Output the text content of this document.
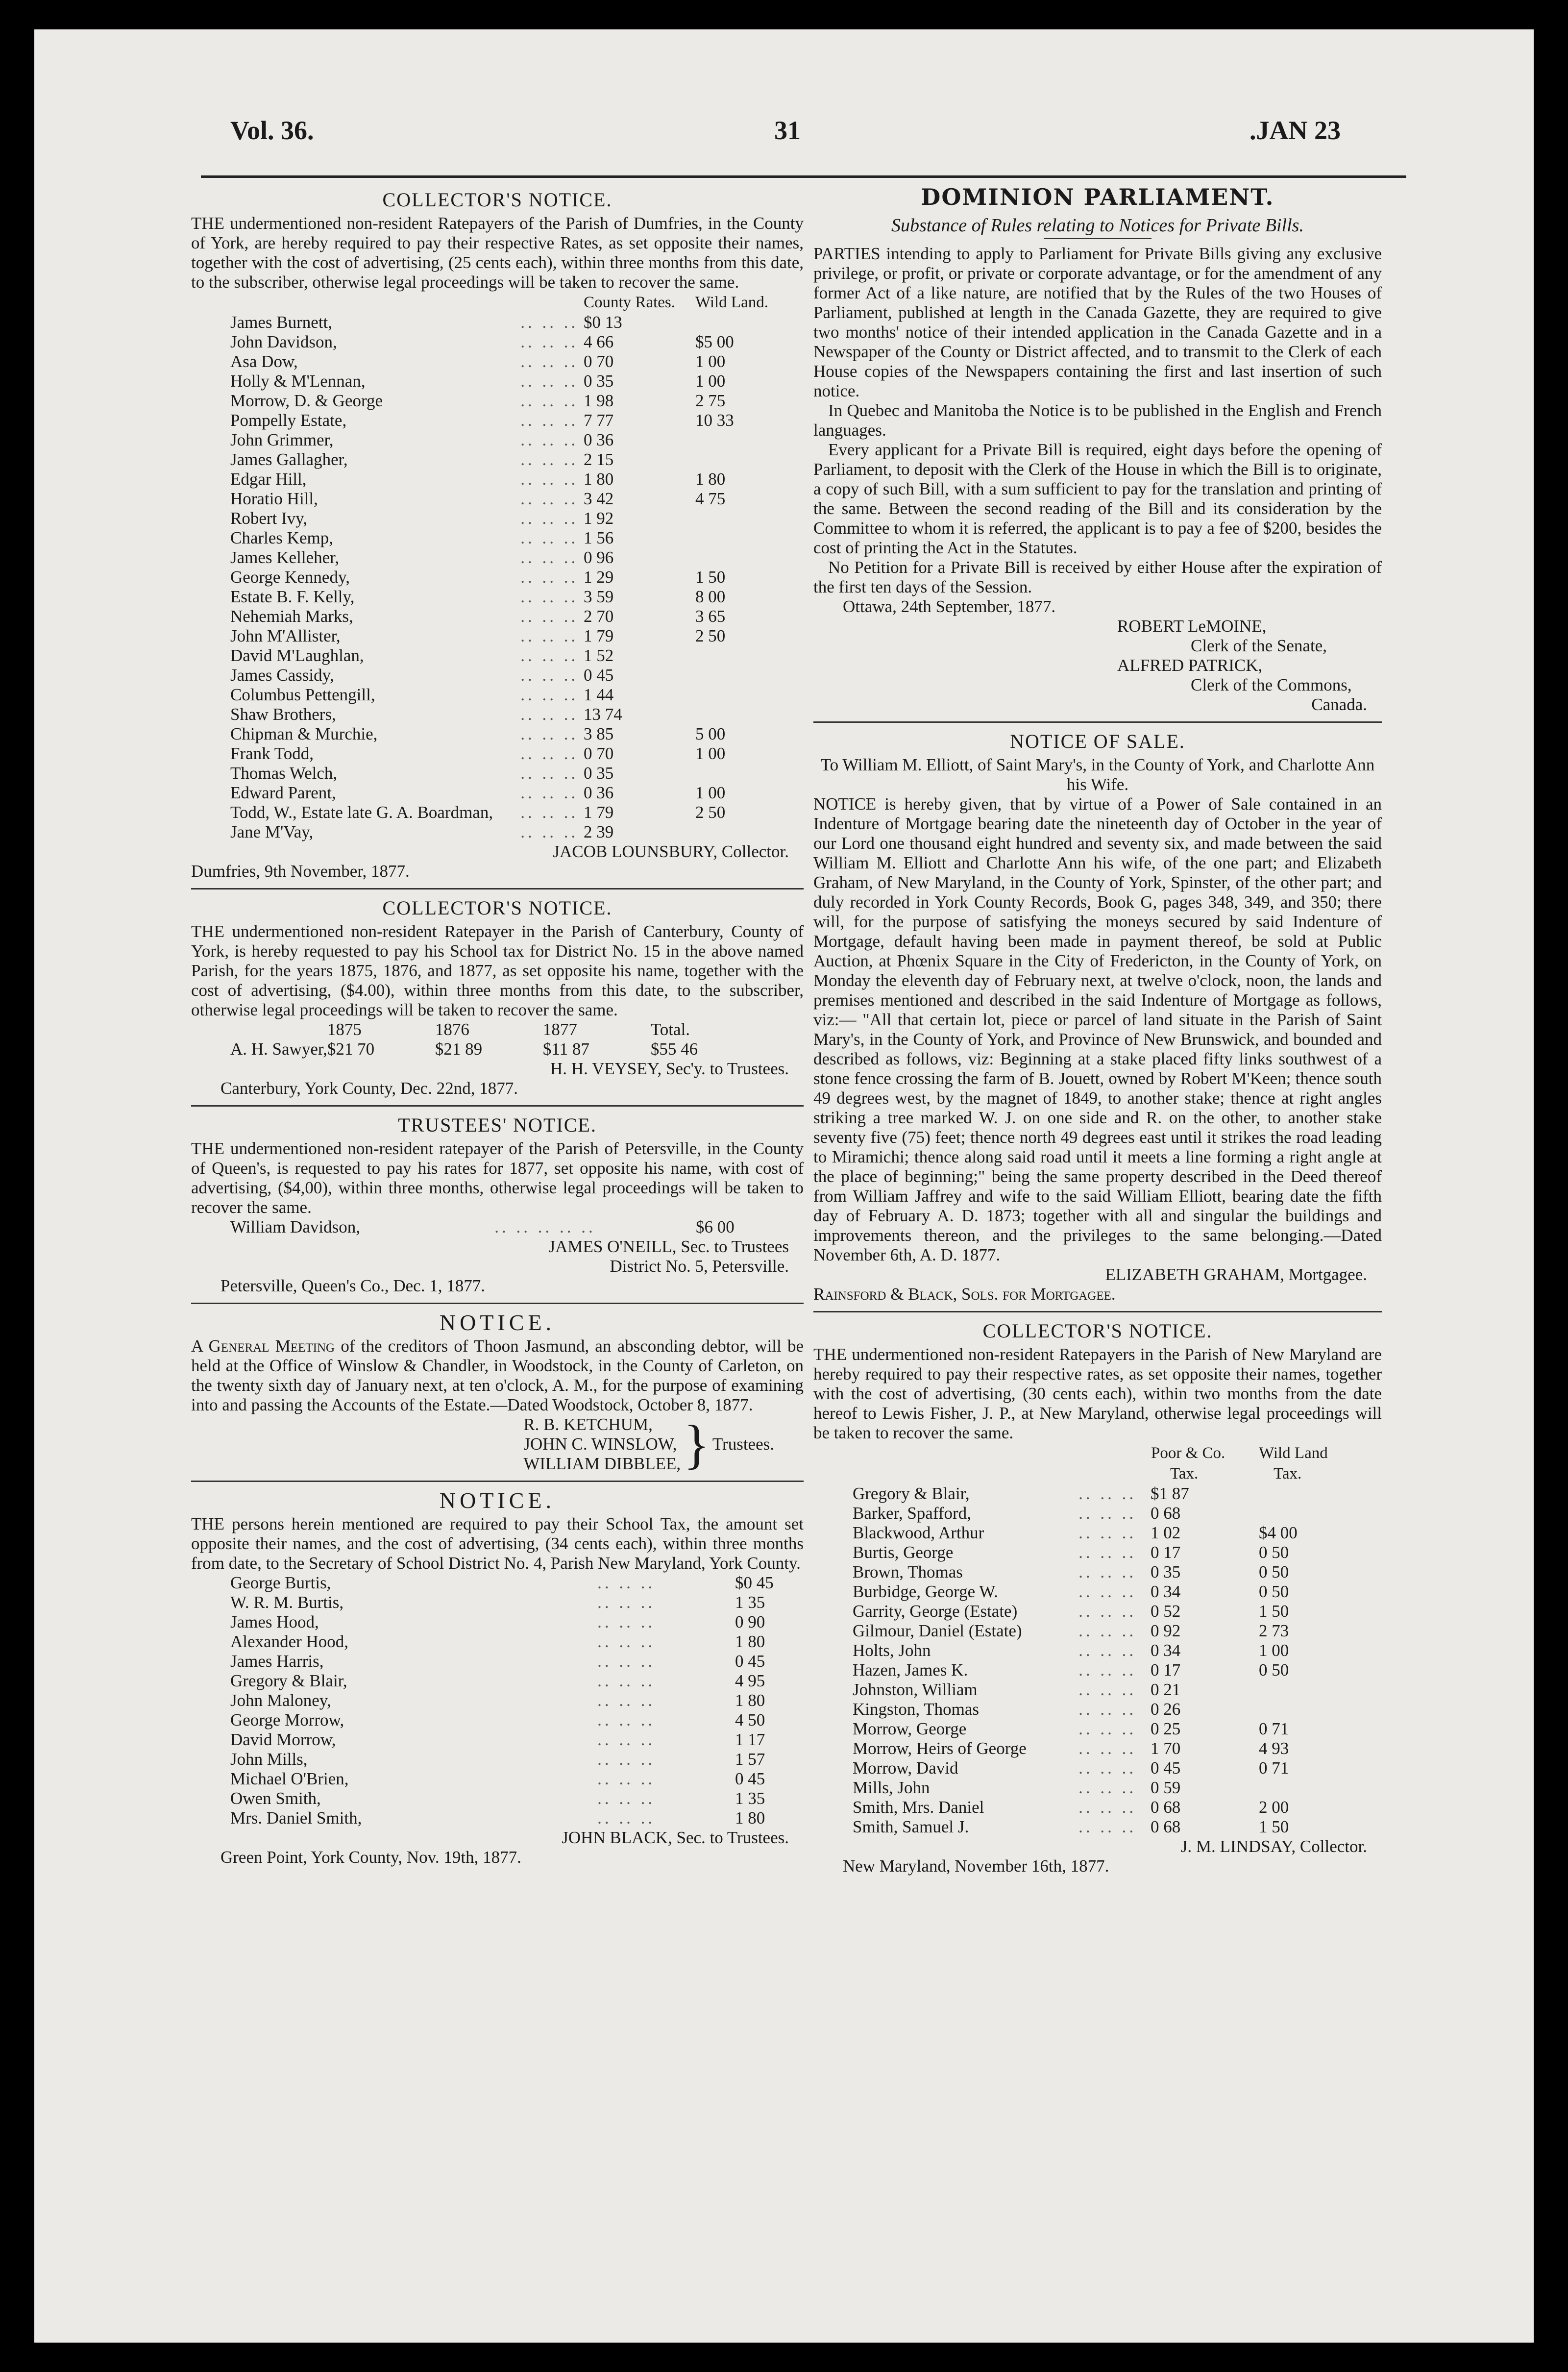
Vol. 36.	31	.JAN 23
COLLECTOR'S NOTICE.

THE undermentioned non-resident Ratepayers of the Parish of Dumfries, in the County of York, are hereby required to pay their respective Rates, as set opposite their names, together with the cost of advertising, (25 cents each), within three months from this date, to the subscriber, otherwise legal proceedings will be taken to recover the same.

		County Rates.	Wild Land.
James Burnett,	.. .. ..	$0 13	
John Davidson,	.. .. ..	4 66	$5 00
Asa Dow,	.. .. ..	0 70	1 00
Holly & M'Lennan,	.. .. ..	0 35	1 00
Morrow, D. & George	.. .. ..	1 98	2 75
Pompelly Estate,	.. .. ..	7 77	10 33
John Grimmer,	.. .. ..	0 36	
James Gallagher,	.. .. ..	2 15	
Edgar Hill,	.. .. ..	1 80	1 80
Horatio Hill,	.. .. ..	3 42	4 75
Robert Ivy,	.. .. ..	1 92	
Charles Kemp,	.. .. ..	1 56	
James Kelleher,	.. .. ..	0 96	
George Kennedy,	.. .. ..	1 29	1 50
Estate B. F. Kelly,	.. .. ..	3 59	8 00
Nehemiah Marks,	.. .. ..	2 70	3 65
John M'Allister,	.. .. ..	1 79	2 50
David M'Laughlan,	.. .. ..	1 52	
James Cassidy,	.. .. ..	0 45	
Columbus Pettengill,	.. .. ..	1 44	
Shaw Brothers,	.. .. ..	13 74	
Chipman & Murchie,	.. .. ..	3 85	5 00
Frank Todd,	.. .. ..	0 70	1 00
Thomas Welch,	.. .. ..	0 35	
Edward Parent,	.. .. ..	0 36	1 00
Todd, W., Estate late G. A. Boardman,	.. .. ..	1 79	2 50
Jane M'Vay,	.. .. ..	2 39	
JACOB LOUNSBURY, Collector.
Dumfries, 9th November, 1877.
COLLECTOR'S NOTICE.

THE undermentioned non-resident Ratepayer in the Parish of Canterbury, County of York, is hereby requested to pay his School tax for District No. 15 in the above named Parish, for the years 1875, 1876, and 1877, as set opposite his name, together with the cost of advertising, ($4.00), within three months from this date, to the subscriber, otherwise legal proceedings will be taken to recover the same.

	1875	1876	1877	Total.
A. H. Sawyer,	$21 70	$21 89	$11 87	$55 46
H. H. VEYSEY, Sec'y. to Trustees.
Canterbury, York County, Dec. 22nd, 1877.
TRUSTEES' NOTICE.

THE undermentioned non-resident ratepayer of the Parish of Petersville, in the County of Queen's, is requested to pay his rates for 1877, set opposite his name, with cost of advertising, ($4,00), within three months, otherwise legal proceedings will be taken to recover the same.

William Davidson,	.. .. .. .. ..	$6 00
JAMES O'NEILL, Sec. to Trustees
District No. 5, Petersville.
Petersville, Queen's Co., Dec. 1, 1877.
NOTICE.

A General Meeting of the creditors of Thoon Jasmund, an absconding debtor, will be held at the Office of Winslow & Chandler, in Woodstock, in the County of Carleton, on the twenty sixth day of January next, at ten o'clock, A. M., for the purpose of examining into and passing the Accounts of the Estate.—Dated Woodstock, October 8, 1877.

R. B. KETCHUM,
JOHN C. WINSLOW,
WILLIAM DIBBLEE, } Trustees.
NOTICE.

THE persons herein mentioned are required to pay their School Tax, the amount set opposite their names, and the cost of advertising, (34 cents each), within three months from date, to the Secretary of School District No. 4, Parish New Maryland, York County.

George Burtis,	.. .. ..	$0 45
W. R. M. Burtis,	.. .. ..	1 35
James Hood,	.. .. ..	0 90
Alexander Hood,	.. .. ..	1 80
James Harris,	.. .. ..	0 45
Gregory & Blair,	.. .. ..	4 95
John Maloney,	.. .. ..	1 80
George Morrow,	.. .. ..	4 50
David Morrow,	.. .. ..	1 17
John Mills,	.. .. ..	1 57
Michael O'Brien,	.. .. ..	0 45
Owen Smith,	.. .. ..	1 35
Mrs. Daniel Smith,	.. .. ..	1 80
JOHN BLACK, Sec. to Trustees.
Green Point, York County, Nov. 19th, 1877.
DOMINION PARLIAMENT.
Substance of Rules relating to Notices for Private Bills.

PARTIES intending to apply to Parliament for Private Bills giving any exclusive privilege, or profit, or private or corporate advantage, or for the amendment of any former Act of a like nature, are notified that by the Rules of the two Houses of Parliament, published at length in the Canada Gazette, they are required to give two months' notice of their intended application in the Canada Gazette and in a Newspaper of the County or District affected, and to transmit to the Clerk of each House copies of the Newspapers containing the first and last insertion of such notice.

In Quebec and Manitoba the Notice is to be published in the English and French languages.

Every applicant for a Private Bill is required, eight days before the opening of Parliament, to deposit with the Clerk of the House in which the Bill is to originate, a copy of such Bill, with a sum sufficient to pay for the translation and printing of the same. Between the second reading of the Bill and its consideration by the Committee to whom it is referred, the applicant is to pay a fee of $200, besides the cost of printing the Act in the Statutes.

No Petition for a Private Bill is received by either House after the expiration of the first ten days of the Session.

Ottawa, 24th September, 1877.
ROBERT LeMOINE,
Clerk of the Senate,
ALFRED PATRICK,
Clerk of the Commons,
Canada.
NOTICE OF SALE.

To William M. Elliott, of Saint Mary's, in the County of York, and Charlotte Ann his Wife.

NOTICE is hereby given, that by virtue of a Power of Sale contained in an Indenture of Mortgage bearing date the nineteenth day of October in the year of our Lord one thousand eight hundred and seventy six, and made between the said William M. Elliott and Charlotte Ann his wife, of the one part; and Elizabeth Graham, of New Maryland, in the County of York, Spinster, of the other part; and duly recorded in York County Records, Book G, pages 348, 349, and 350; there will, for the purpose of satisfying the moneys secured by said Indenture of Mortgage, default having been made in payment thereof, be sold at Public Auction, at Phœnix Square in the City of Fredericton, in the County of York, on Monday the eleventh day of February next, at twelve o'clock, noon, the lands and premises mentioned and described in the said Indenture of Mortgage as follows, viz:— "All that certain lot, piece or parcel of land situate in the Parish of Saint Mary's, in the County of York, and Province of New Brunswick, and bounded and described as follows, viz: Beginning at a stake placed fifty links southwest of a stone fence crossing the farm of B. Jouett, owned by Robert M'Keen; thence south 49 degrees west, by the magnet of 1849, to another stake; thence at right angles striking a tree marked W. J. on one side and R. on the other, to another stake seventy five (75) feet; thence north 49 degrees east until it strikes the road leading to Miramichi; thence along said road until it meets a line forming a right angle at the place of beginning;" being the same property described in the Deed thereof from William Jaffrey and wife to the said William Elliott, bearing date the fifth day of February A. D. 1873; together with all and singular the buildings and improvements thereon, and the privileges to the same belonging.—Dated November 6th, A. D. 1877.

ELIZABETH GRAHAM, Mortgagee.
Rainsford & Black, Sols. for Mortgagee.
COLLECTOR'S NOTICE.

THE undermentioned non-resident Ratepayers in the Parish of New Maryland are hereby required to pay their respective rates, as set opposite their names, together with the cost of advertising, (30 cents each), within two months from the date hereof to Lewis Fisher, J. P., at New Maryland, otherwise legal proceedings will be taken to recover the same.

		Poor & Co.	Wild Land
		Tax.	Tax.
Gregory & Blair,	.. .. ..	$1 87	
Barker, Spafford,	.. .. ..	0 68	
Blackwood, Arthur	.. .. ..	1 02	$4 00
Burtis, George	.. .. ..	0 17	0 50
Brown, Thomas	.. .. ..	0 35	0 50
Burbidge, George W.	.. .. ..	0 34	0 50
Garrity, George (Estate)	.. .. ..	0 52	1 50
Gilmour, Daniel (Estate)	.. .. ..	0 92	2 73
Holts, John	.. .. ..	0 34	1 00
Hazen, James K.	.. .. ..	0 17	0 50
Johnston, William	.. .. ..	0 21	
Kingston, Thomas	.. .. ..	0 26	
Morrow, George	.. .. ..	0 25	0 71
Morrow, Heirs of George	.. .. ..	1 70	4 93
Morrow, David	.. .. ..	0 45	0 71
Mills, John	.. .. ..	0 59	
Smith, Mrs. Daniel	.. .. ..	0 68	2 00
Smith, Samuel J.	.. .. ..	0 68	1 50
J. M. LINDSAY, Collector.
New Maryland, November 16th, 1877.
